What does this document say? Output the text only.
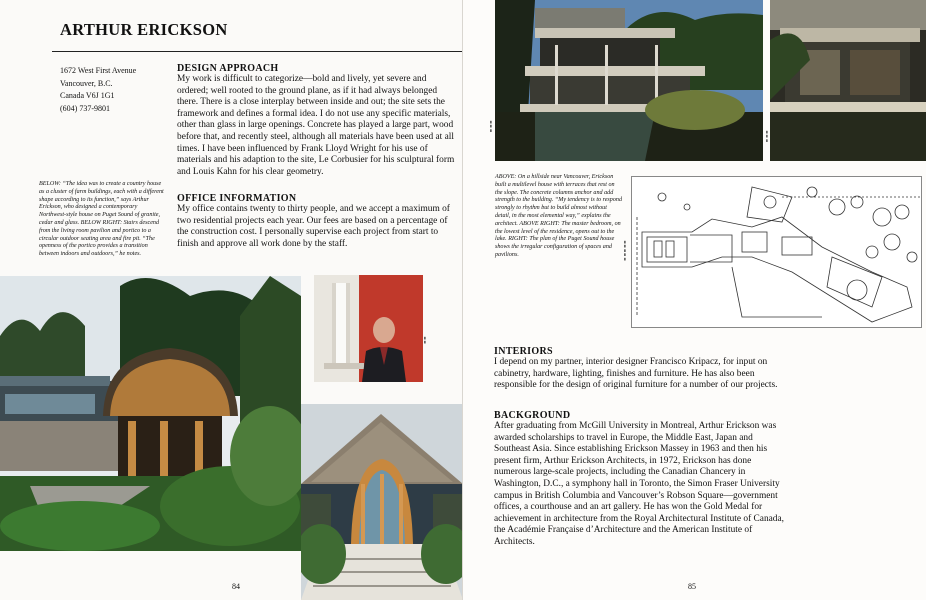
ARTHUR ERICKSON
1672 West First Avenue
Vancouver, B.C.
Canada V6J 1G1
(604) 737-9801

DESIGN APPROACH

My work is difficult to categorize—bold and lively, yet severe and ordered; well rooted to the ground plane, as if it had always belonged there. There is a close interplay between inside and out; the site sets the framework and defines a formal idea. I do not use any specific materials, other than glass in large openings. Concrete has played a large part, wood before that, and recently steel, although all materials have been used at all times. I have been influenced by Frank Lloyd Wright for his use of materials and his adaption to the site, Le Corbusier for his sculptural form and Louis Kahn for his clear geometry.

OFFICE INFORMATION

My office contains twenty to thirty people, and we accept a maximum of two residential projects each year. Our fees are based on a percentage of the construction cost. I personally supervise each project from start to finish and approve all work done by the staff.

BELOW: “The idea was to create a country house as a cluster of farm buildings, each with a different shape according to its function,” says Arthur Erickson, who designed a contemporary Northwest-style house on Puget Sound of granite, cedar and glass. BELOW RIGHT: Stairs descend from the living room pavilion and portico to a circular outdoor seating area and fire pit. “The openness of the portico provides a transition between indoors and outdoors,” he notes.
▮
▮
84
▮▮▮
▮▮▮
ABOVE: On a hillside near Vancouver, Erickson built a multilevel house with terraces that rest on the slope. The concrete columns anchor and add strength to the building. “My tendency is to respond strongly to rhythm but to build almost without detail, in the most elemental way,” explains the architect. ABOVE RIGHT: The master bedroom, on the lowest level of the residence, opens out to the lake. RIGHT: The plan of the Puget Sound house shows the irregular configuration of spaces and pavilions.	▮▮▮▮▮

INTERIORS

I depend on my partner, interior designer Francisco Kripacz, for input on cabinetry, hardware, lighting, finishes and furniture. He has also been responsible for the design of original furniture for a number of our projects.

BACKGROUND

After graduating from McGill University in Montreal, Arthur Erickson was awarded scholarships to travel in Europe, the Middle East, Japan and Southeast Asia. Since establishing Erickson Massey in 1963 and then his present firm, Arthur Erickson Architects, in 1972, Erickson has done numerous large-scale projects, including the Canadian Chancery in Washington, D.C., a symphony hall in Toronto, the Simon Fraser University campus in British Columbia and Vancouver’s Robson Square—government offices, a courthouse and an art gallery. He has won the Gold Medal for achievement in architecture from the Royal Architectural Institute of Canada, the Académie Française d’Architecture and the American Institute of Architects.

85
